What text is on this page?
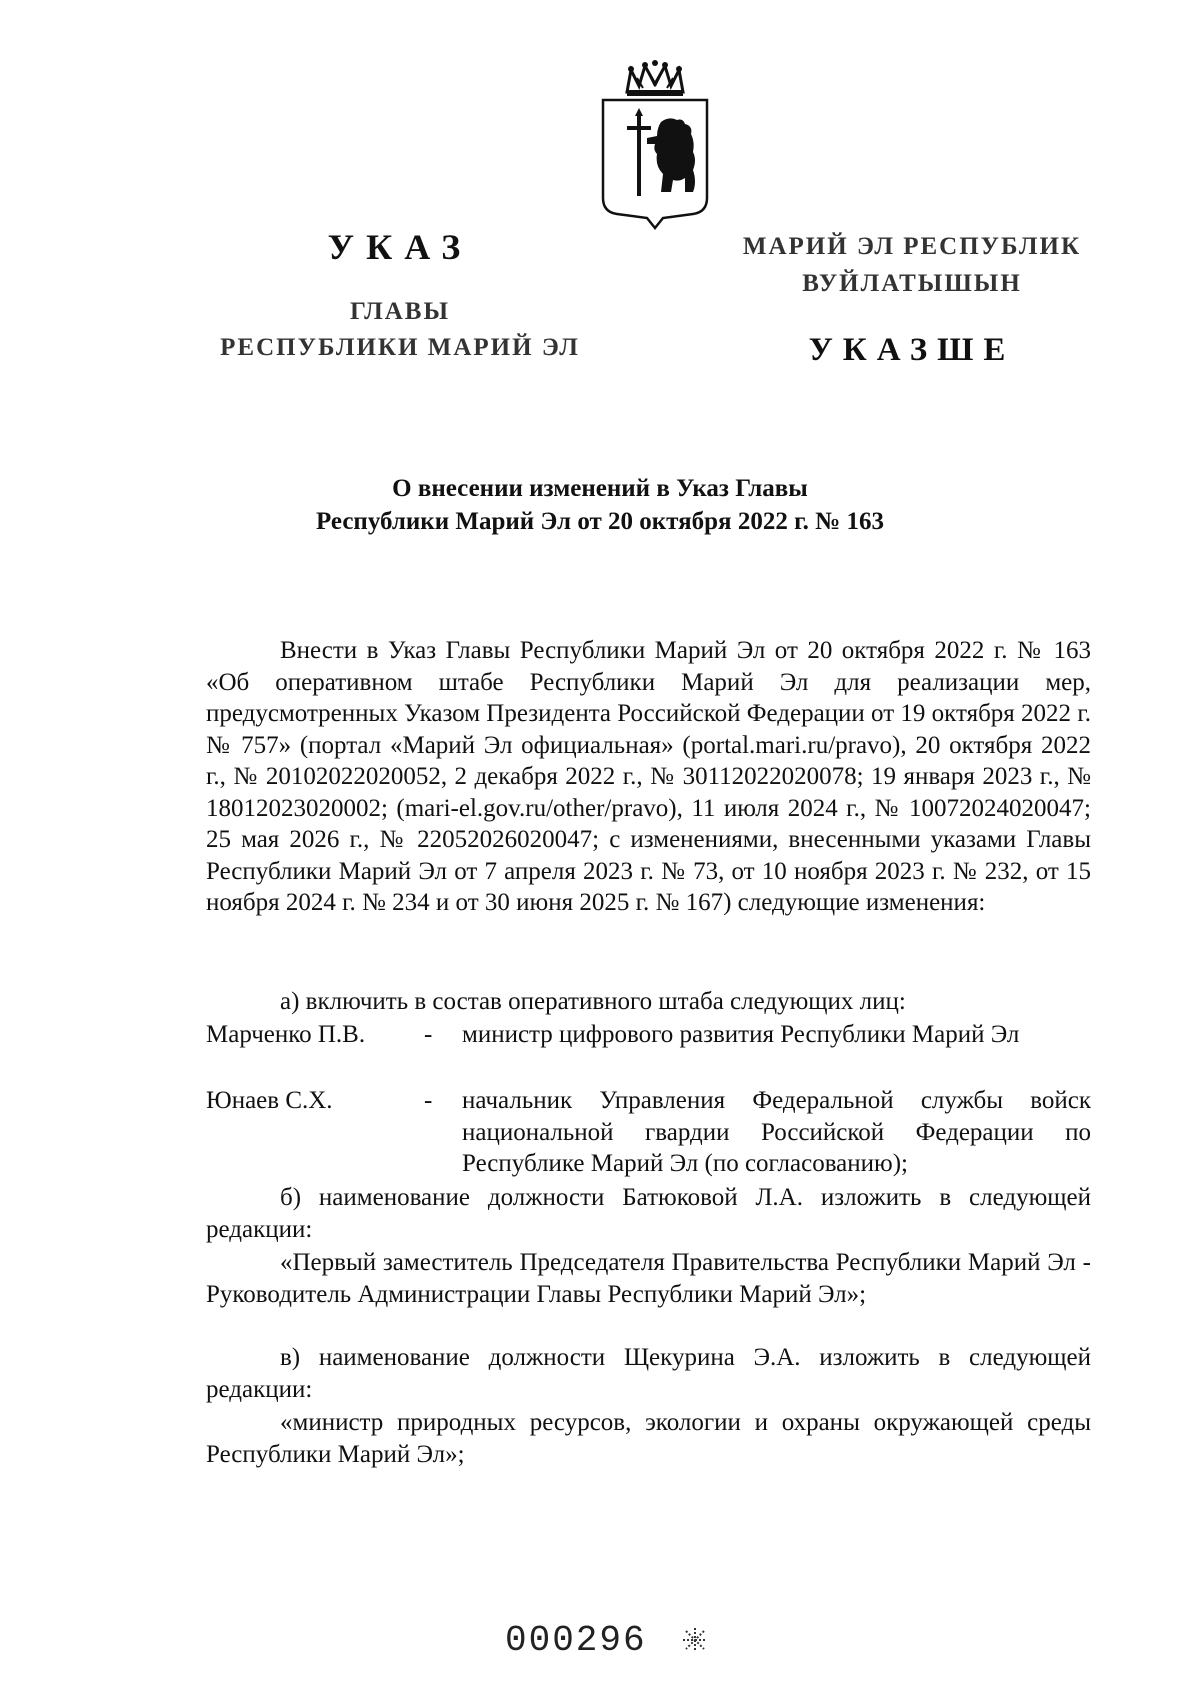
УКАЗ
ГЛАВЫ
РЕСПУБЛИКИ МАРИЙ ЭЛ
МАРИЙ ЭЛ РЕСПУБЛИК
ВУЙЛАТЫШЫН
УКАЗШЕ
О внесении изменений в Указ Главы
Республики Марий Эл от 20 октября 2022 г. № 163
Внести в Указ Главы Республики Марий Эл от 20 октября 2022 г. № 163 «Об оперативном штабе Республики Марий Эл для реализации мер, предусмотренных Указом Президента Российской Федерации от 19 октября 2022 г. № 757» (портал «Марий Эл официальная» (portal.mari.ru/pravo), 20 октября 2022 г., № 20102022020052, 2 декабря 2022 г., № 30112022020078; 19 января 2023 г., № 18012023020002; (mari-el.gov.ru/other/pravo), 11 июля 2024 г., № 10072024020047; 25 мая 2026 г., № 22052026020047; с изменениями, внесенными указами Главы Республики Марий Эл от 7 апреля 2023 г. № 73, от 10 ноября 2023 г. № 232, от 15 ноября 2024 г. № 234 и от 30 июня 2025 г. № 167) следующие изменения:
а) включить в состав оперативного штаба следующих лиц:
Марченко П.В. - министр цифрового развития Республики Марий Эл
Юнаев С.Х.	- начальник Управления Федеральной службы войск национальной гвардии Российской Федерации по Республике Марий Эл (по согласованию);
б) наименование должности Батюковой Л.А. изложить в следующей редакции:
«Первый заместитель Председателя Правительства Республики Марий Эл - Руководитель Администрации Главы Республики Марий Эл»;
в) наименование должности Щекурина Э.А. изложить в следующей редакции:
«министр природных ресурсов, экологии и охраны окружающей среды Республики Марий Эл»;
000296
